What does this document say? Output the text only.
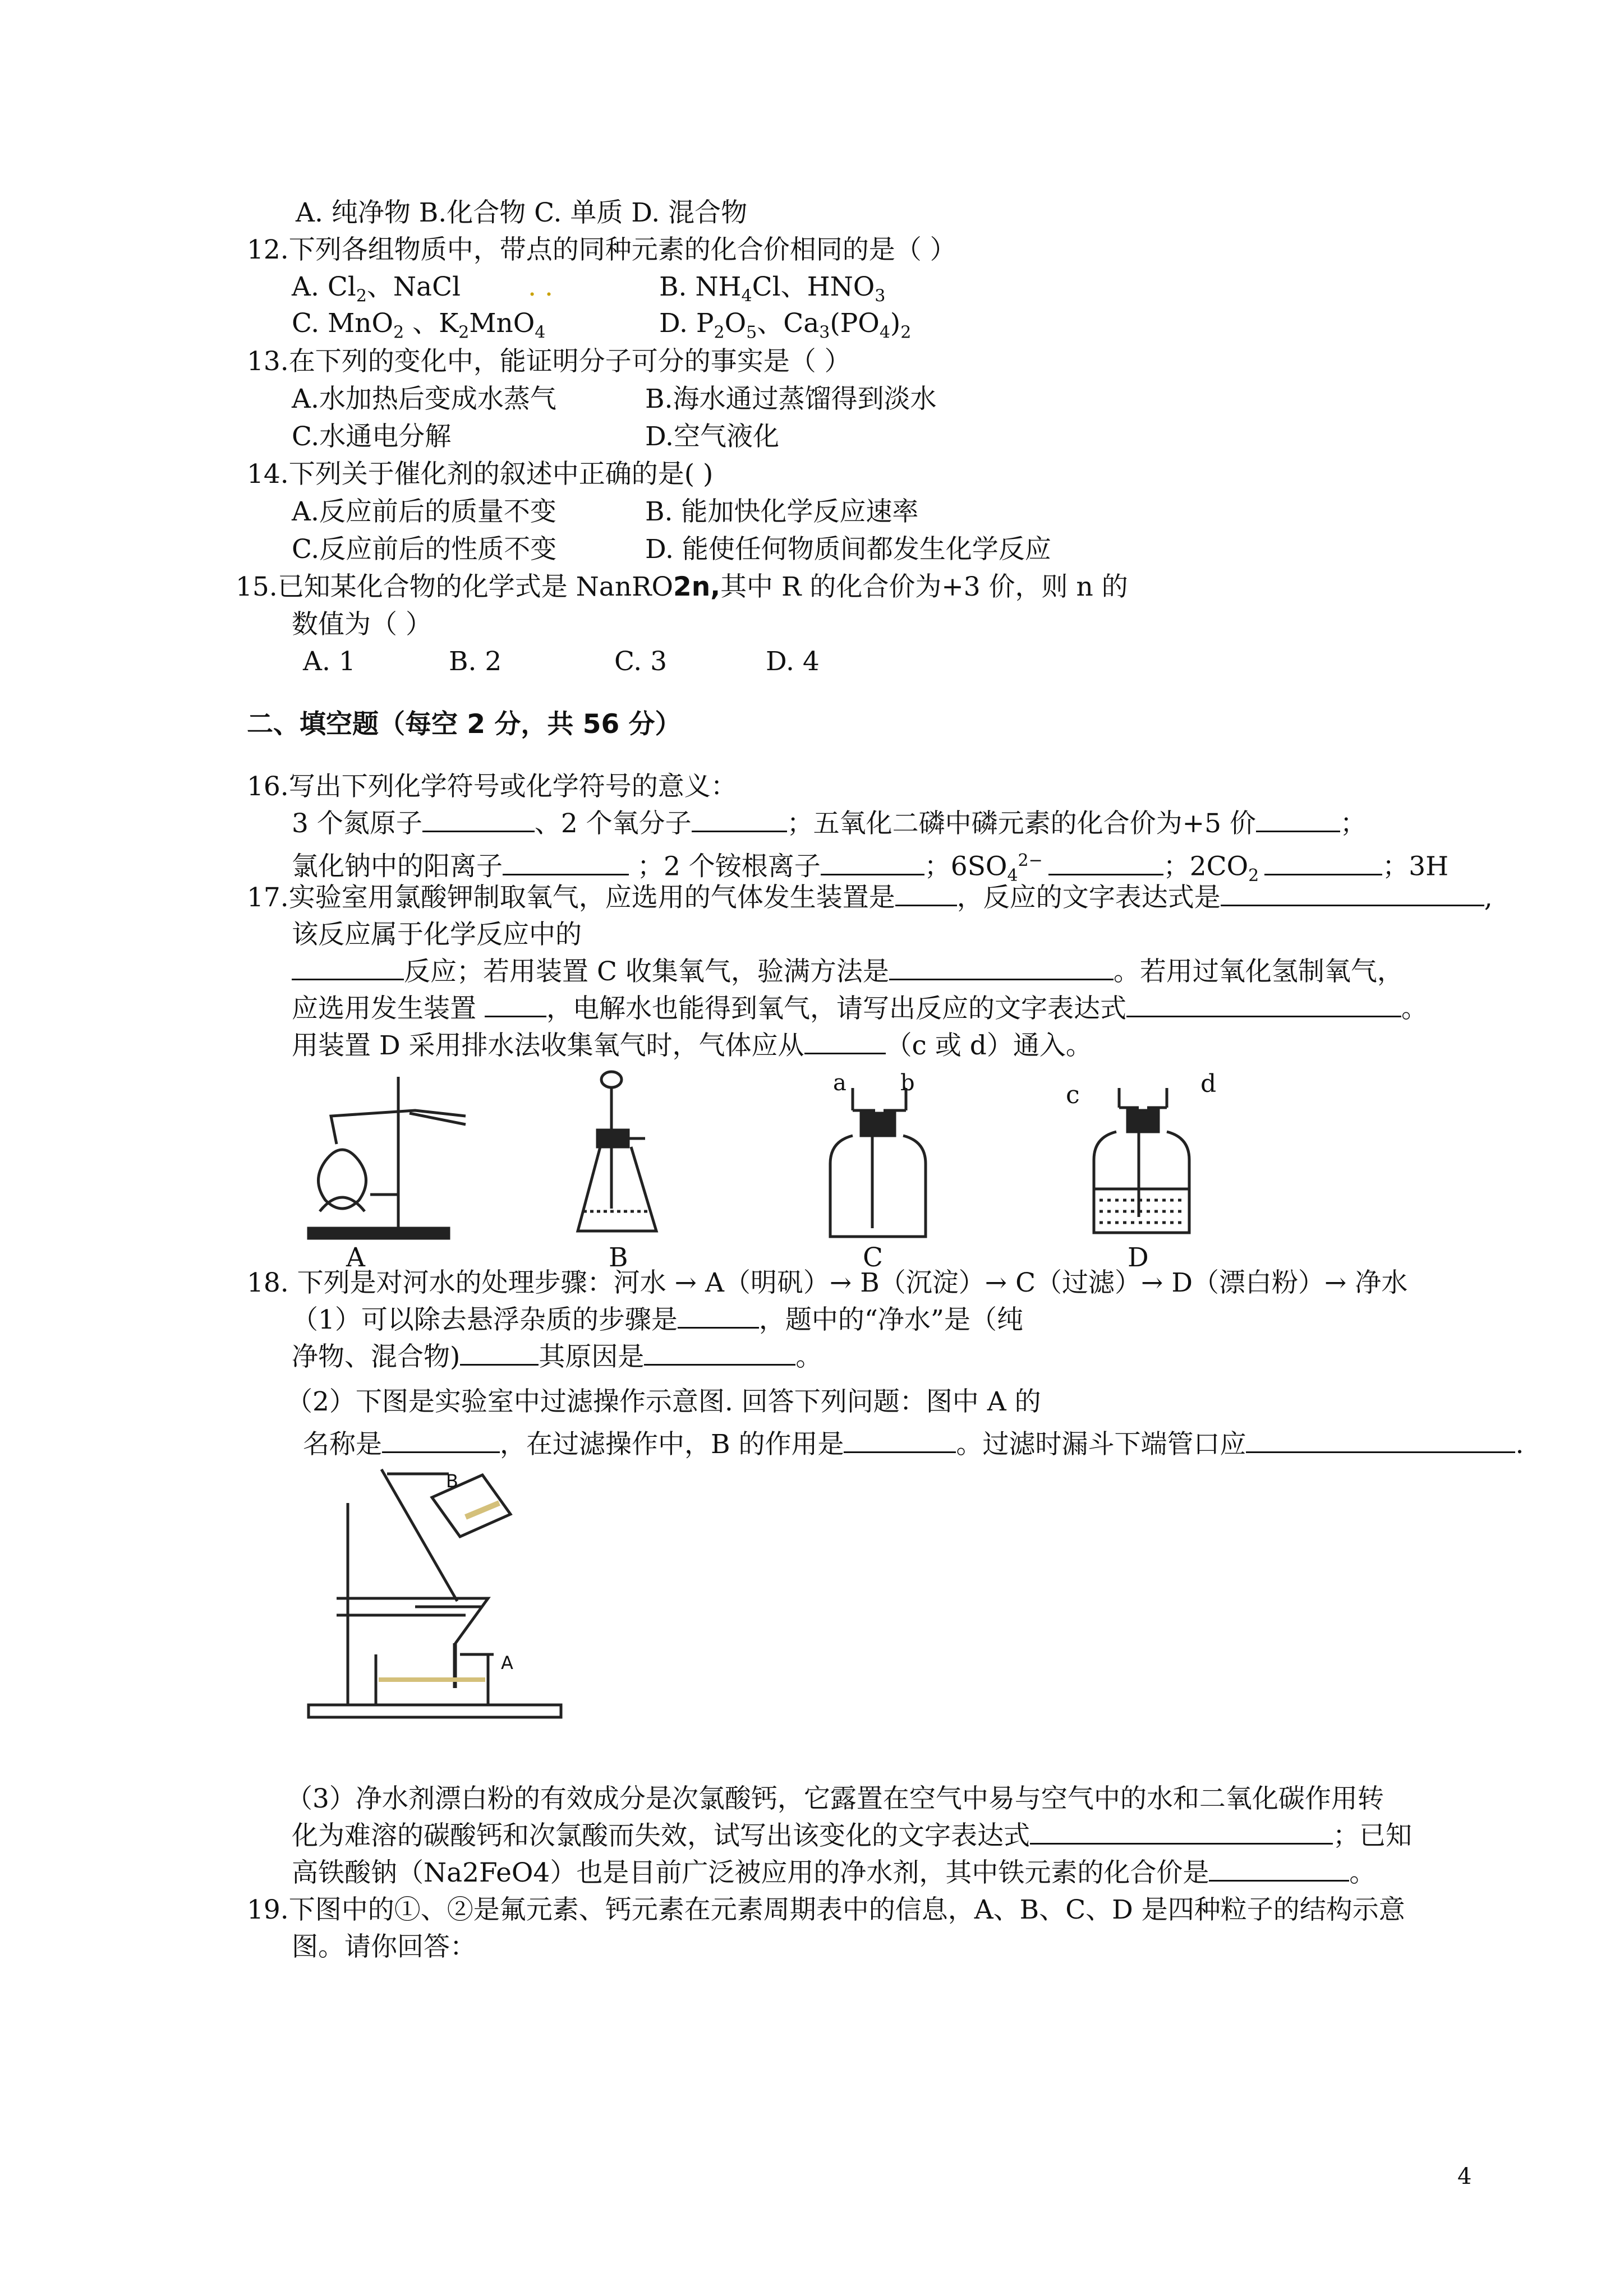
A. 纯净物 B.化合物 C. 单质 D. 混合物
12.下列各组物质中，带点的同种元素的化合价相同的是（ ）
A. $Cl_2$、NaCl	. .	B. $NH_4Cl$、$HNO_3$
C. MnO$_2$ 、$K_2MnO_4$	D. $P_2O_5$、$Ca_3(PO_4)_2$
13.在下列的变化中，能证明分子可分的事实是（ ）
A.水加热后变成水蒸气	B.海水通过蒸馏得到淡水
C.水通电分解	D.空气液化
14.下列关于催化剂的叙述中正确的是( )
A.反应前后的质量不变	B. 能加快化学反应速率
C.反应前后的性质不变	D. 能使任何物质间都发生化学反应
15.已知某化合物的化学式是 NanRO2n,其中 R 的化合价为+3 价，则 n 的
数值为（ ）
A. 1	B. 2	C. 3	D. 4
二、填空题（每空 2 分，共 56 分）
16.写出下列化学符号或化学符号的意义：
3 个氮原子	、2 个氧分子	；五氧化二磷中磷元素的化合价为+5 价	；
氯化钠中的阳离子	；2 个铵根离子	；$6SO_4^{2-}$	；$2CO_2$	；3H
17.实验室用氯酸钾制取氧气，应选用的气体发生装置是 ，反应的文字表达式是	,
该反应属于化学反应中的
反应；若用装置 C 收集氧气，验满方法是	。若用过氧化氢制氧气，
应选用发生装置 ，电解水也能得到氧气，请写出反应的文字表达式	。
用装置 D 采用排水法收集氧气时，气体应从	（c 或 d）通入。
A	B
a b
C
c	d
D
18. 下列是对河水的处理步骤：河水 → A（明矾）→ B（沉淀）→ C（过滤）→ D（漂白粉）→ 净水
（1）可以除去悬浮杂质的步骤是	，题中的“净水”是（纯
净物、混合物)	其原因是	。
（2）下图是实验室中过滤操作示意图. 回答下列问题：图中 A 的
名称是	，在过滤操作中，B 的作用是	。过滤时漏斗下端管口应	.
B
A
（3）净水剂漂白粉的有效成分是次氯酸钙，它露置在空气中易与空气中的水和二氧化碳作用转
化为难溶的碳酸钙和次氯酸而失效，试写出该变化的文字表达式	；已知
高铁酸钠（Na2FeO4）也是目前广泛被应用的净水剂，其中铁元素的化合价是	。
19.下图中的①、②是氟元素、钙元素在元素周期表中的信息，A、B、C、D 是四种粒子的结构示意
图。请你回答：
4
